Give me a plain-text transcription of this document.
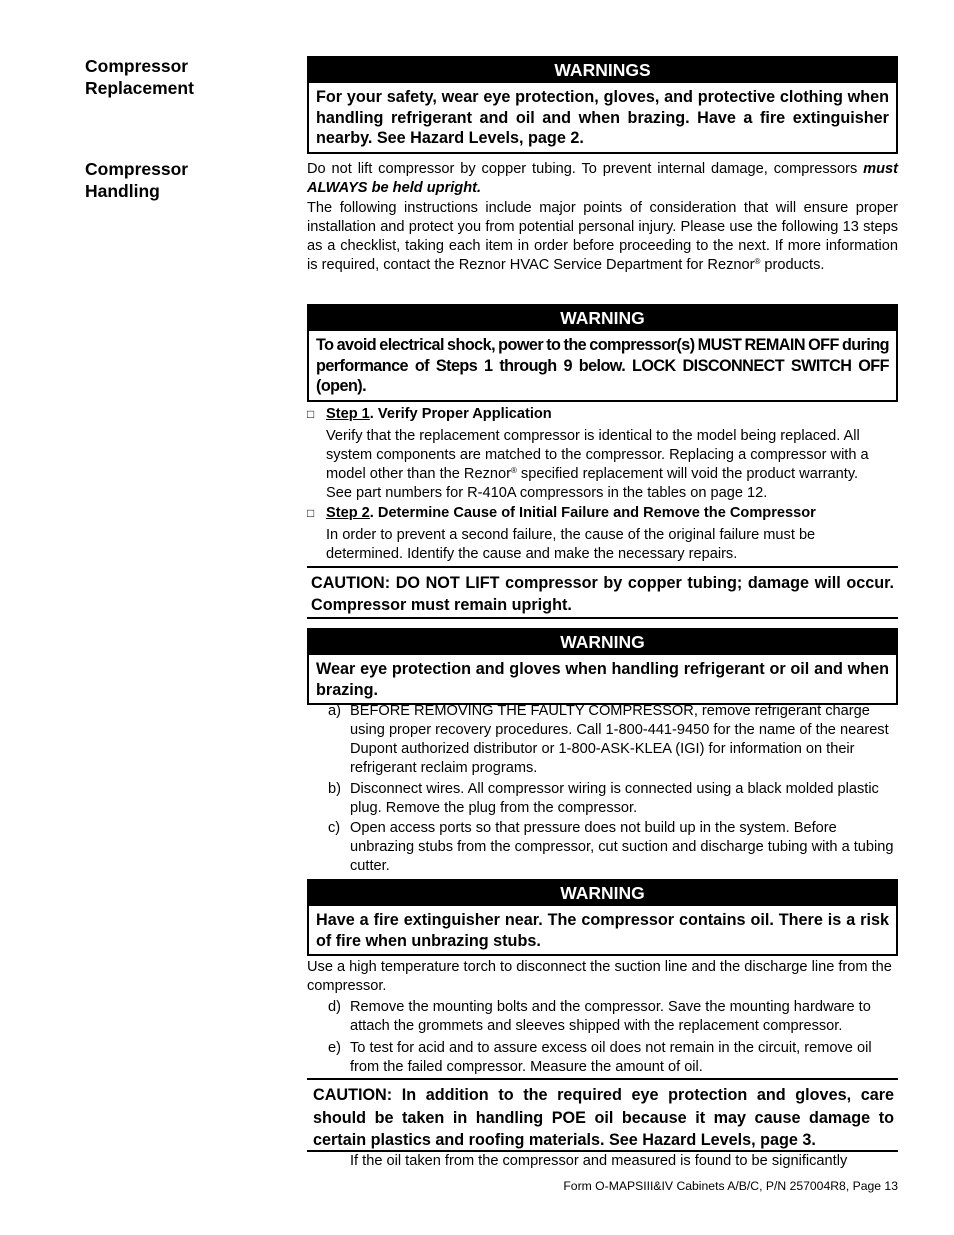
Compressor
Replacement
Compressor
Handling
WARNINGS
For your safety, wear eye protection, gloves, and protective clothing when handling refrigerant and oil and when brazing. Have a fire extinguisher nearby. See Hazard Levels, page 2.
Do not lift compressor by copper tubing. To prevent internal damage, compressors must ALWAYS be held upright.
The following instructions include major points of consideration that will ensure proper installation and protect you from potential personal injury. Please use the following 13 steps as a checklist, taking each item in order before proceeding to the next. If more information is required, contact the Reznor HVAC Service Department for Reznor® products.
WARNING
To avoid electrical shock, power to the compressor(s) MUST REMAIN OFF during performance of Steps 1 through 9 below. LOCK DISCONNECT SWITCH OFF (open).
□ Step 1. Verify Proper Application
Verify that the replacement compressor is identical to the model being replaced. All system components are matched to the compressor. Replacing a compressor with a model other than the Reznor® specified replacement will void the product warranty. See part numbers for R-410A compressors in the tables on page 12.
□ Step 2. Determine Cause of Initial Failure and Remove the Compressor
In order to prevent a second failure, the cause of the original failure must be determined. Identify the cause and make the necessary repairs.
CAUTION: DO NOT LIFT compressor by copper tubing; damage will occur. Compressor must remain upright.
WARNING
Wear eye protection and gloves when handling refrigerant or oil and when brazing.
a) BEFORE REMOVING THE FAULTY COMPRESSOR, remove refrigerant charge using proper recovery procedures. Call 1-800-441-9450 for the name of the nearest Dupont authorized distributor or 1-800-ASK-KLEA (IGI) for information on their refrigerant reclaim programs.
b) Disconnect wires. All compressor wiring is connected using a black molded plastic plug. Remove the plug from the compressor.
c) Open access ports so that pressure does not build up in the system. Before unbrazing stubs from the compressor, cut suction and discharge tubing with a tubing cutter.
WARNING
Have a fire extinguisher near. The compressor contains oil. There is a risk of fire when unbrazing stubs.
Use a high temperature torch to disconnect the suction line and the discharge line from the compressor.
d) Remove the mounting bolts and the compressor. Save the mounting hardware to attach the grommets and sleeves shipped with the replacement compressor.
e) To test for acid and to assure excess oil does not remain in the circuit, remove oil from the failed compressor. Measure the amount of oil.
CAUTION: In addition to the required eye protection and gloves, care should be taken in handling POE oil because it may cause damage to certain plastics and roofing materials. See Hazard Levels, page 3.
If the oil taken from the compressor and measured is found to be significantly
Form O-MAPSIII&IV Cabinets A/B/C, P/N 257004R8, Page 13
